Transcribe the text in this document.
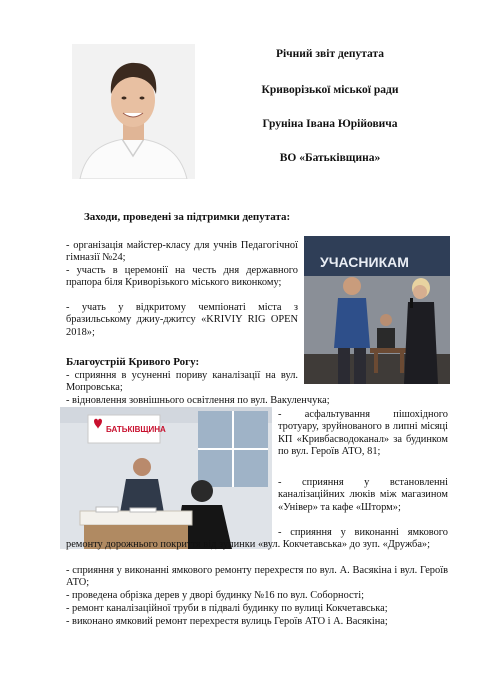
Річний звіт депутата
Криворізької міської ради
Груніна Івана Юрійовича
ВО «Батьківщина»
Заходи, проведені за підтримки депутата:
УЧАСНИКАМ
- організація майстер-класу для учнів Педагогічної гімназії №24;
- участь в церемонії на честь дня державного прапора біля Криворізького міського виконкому;
- учать у відкритому чемпіонаті міста з бразильському джиу-джитсу «KRIVIY RIG OPEN 2018»;
Благоустрій Кривого Рогу:
- сприяння в усуненні пориву каналізації на вул. Мопровська;
- відновлення зовнішнього освітлення по вул. Вакуленчука;
БАТЬКІВЩИНА
- асфальтування пішохідного тротуару, зруйнованого в липні місяці КП «Кривбасводоканал» за будинком по вул. Героїв АТО, 81;
- сприяння у встановленні каналізаційних люків між магазином «Універ» та кафе «Шторм»;
- сприяння у виконанні ямкового ремонту дорожнього покриття від зупинки «вул. Кокчетавська» до зуп. «Дружба»;
- сприяння у виконанні ямкового ремонту перехрестя по вул. А. Васякіна і вул. Героїв АТО;
- проведена обрізка дерев у дворі будинку №16 по вул. Соборності;
- ремонт каналізаційної труби в підвалі будинку по вулиці Кокчетавська;
- виконано ямковий ремонт перехрестя вулиць Героїв АТО і А. Васякіна;
